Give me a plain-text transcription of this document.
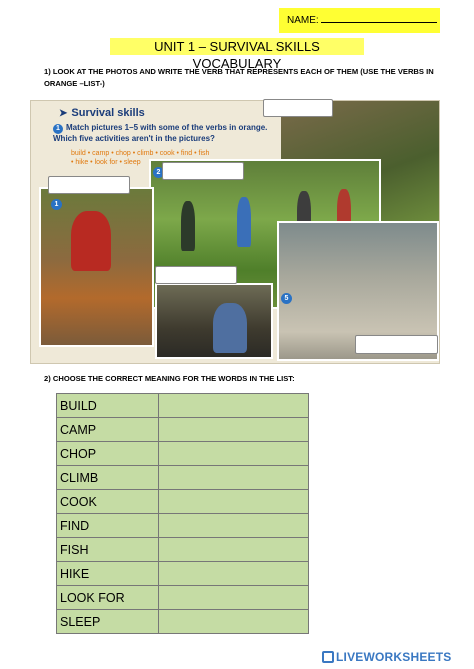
NAME:
UNIT 1 – SURVIVAL SKILLS VOCABULARY
1) LOOK AT THE PHOTOS AND WRITE THE VERB THAT REPRESENTS EACH OF THEM (USE THE VERBS IN ORANGE –LIST-)
➤ Survival skills
1 Match pictures 1–5 with some of the verbs in orange. Which five activities aren't in the pictures?
build • camp • chop • climb • cook • find • fish • hike • look for • sleep
1
2
5
2) CHOOSE THE CORRECT MEANING FOR THE WORDS IN THE LIST:
BUILD	
CAMP	
CHOP	
CLIMB	
COOK	
FIND	
FISH	
HIKE	
LOOK FOR	
SLEEP	
LIVEWORKSHEETS
